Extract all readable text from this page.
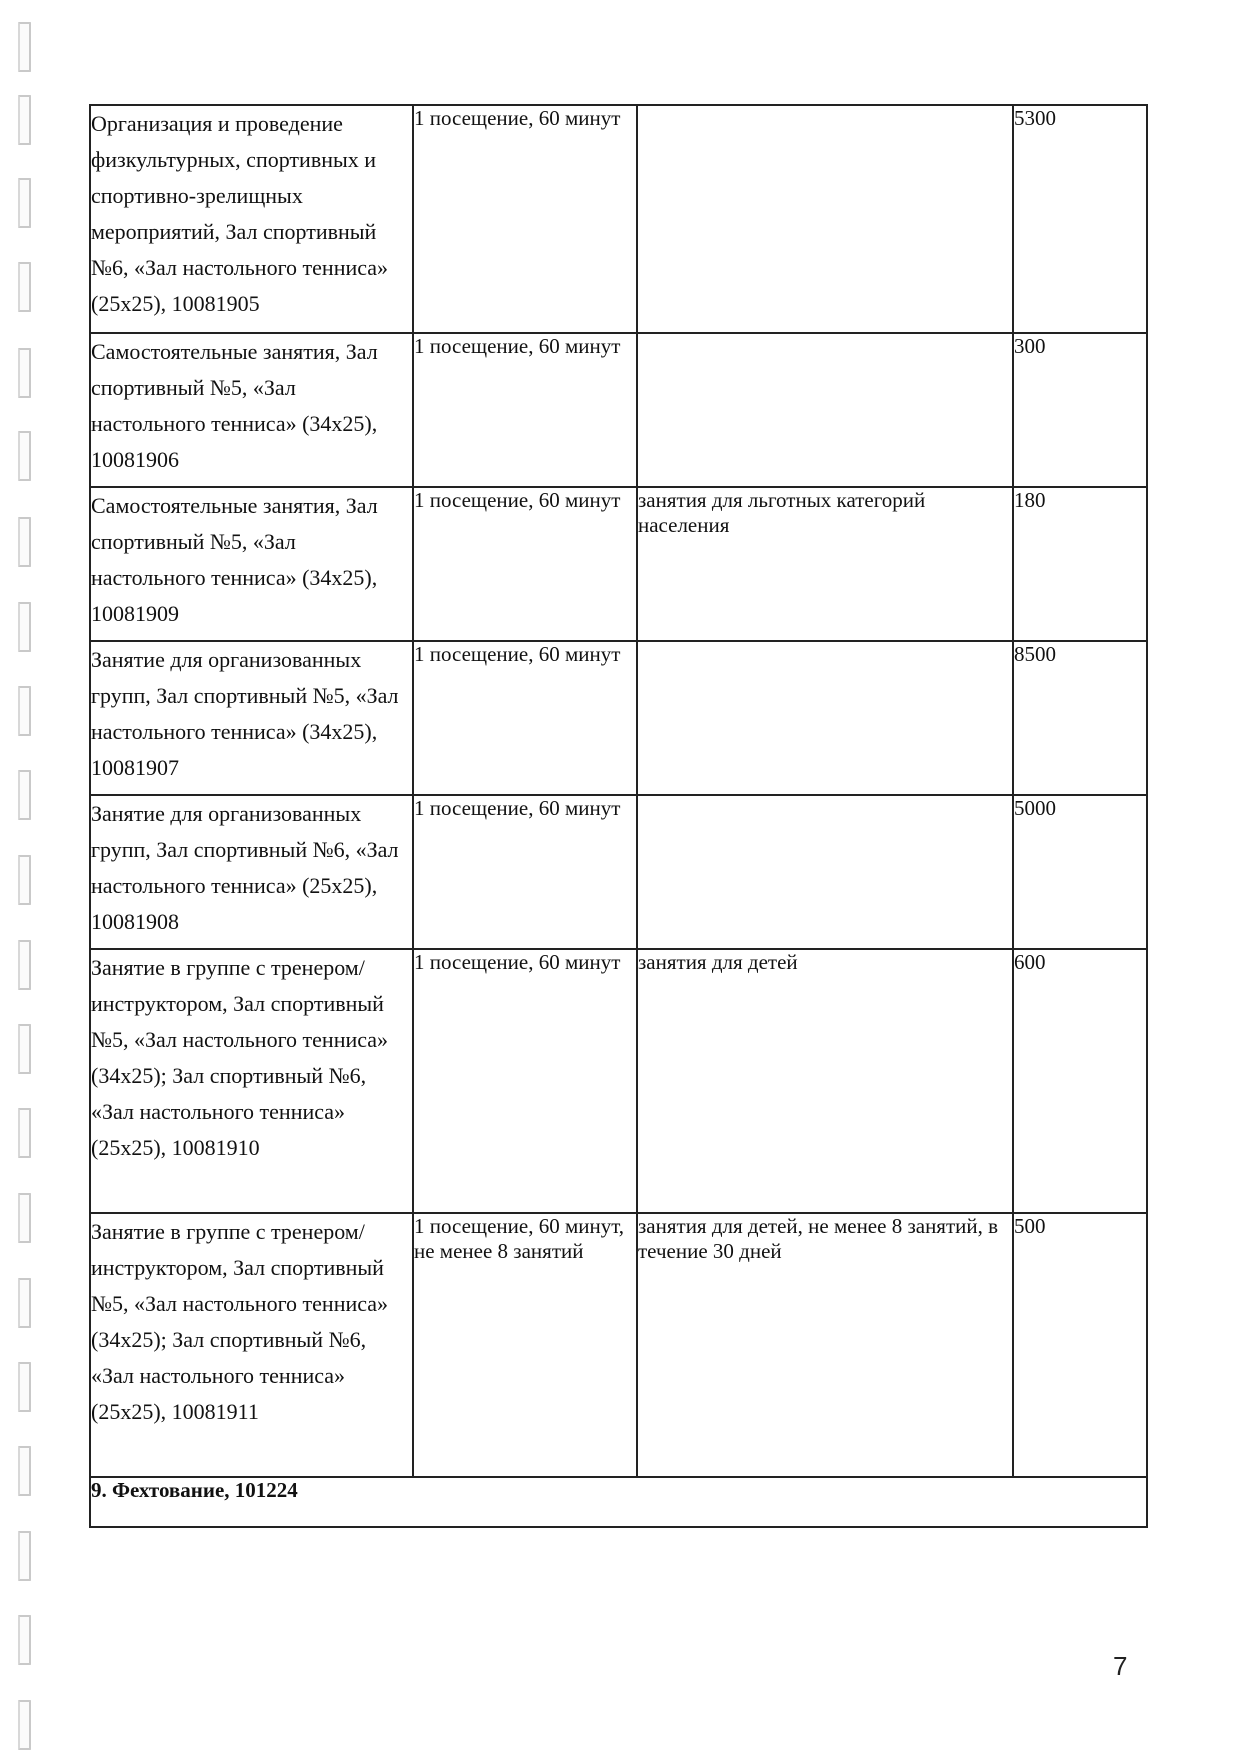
Организация и проведение физкультурных, спортивных и спортивно-зрелищных мероприятий, Зал спортивный №6, «Зал настольного тенниса» (25x25), 10081905	1 посещение, 60 минут		5300
Самостоятельные занятия, Зал спортивный №5, «Зал настольного тенниса» (34x25), 10081906	1 посещение, 60 минут		300
Самостоятельные занятия, Зал спортивный №5, «Зал настольного тенниса» (34x25), 10081909	1 посещение, 60 минут	занятия для льготных категорий населения	180
Занятие для организованных групп, Зал спортивный №5, «Зал настольного тенниса» (34x25), 10081907	1 посещение, 60 минут		8500
Занятие для организованных групп, Зал спортивный №6, «Зал настольного тенниса» (25x25), 10081908	1 посещение, 60 минут		5000
Занятие в группе с тренером/инструктором, Зал спортивный №5, «Зал настольного тенниса» (34x25); Зал спортивный №6, «Зал настольного тенниса» (25x25), 10081910	1 посещение, 60 минут	занятия для детей	600
Занятие в группе с тренером/инструктором, Зал спортивный №5, «Зал настольного тенниса» (34x25); Зал спортивный №6, «Зал настольного тенниса» (25x25), 10081911	1 посещение, 60 минут, не менее 8 занятий	занятия для детей, не менее 8 занятий, в течение 30 дней	500
9. Фехтование, 101224			
7
